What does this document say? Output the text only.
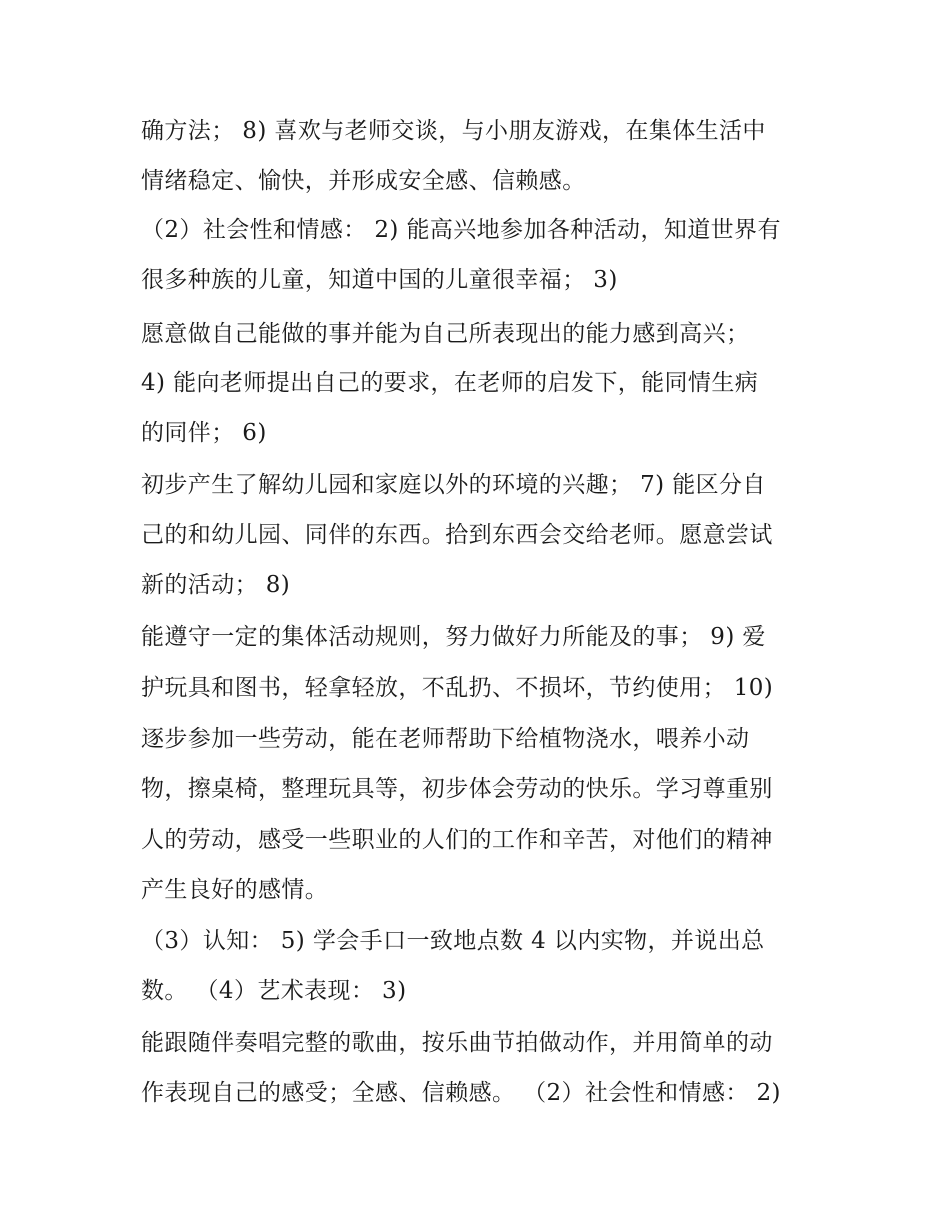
确方法； 8) 喜欢与老师交谈，与小朋友游戏，在集体生活中
情绪稳定、愉快，并形成安全感、信赖感。
（2）社会性和情感： 2) 能高兴地参加各种活动，知道世界有
很多种族的儿童，知道中国的儿童很幸福； 3)
愿意做自己能做的事并能为自己所表现出的能力感到高兴；
4) 能向老师提出自己的要求，在老师的启发下，能同情生病
的同伴； 6)
初步产生了解幼儿园和家庭以外的环境的兴趣； 7) 能区分自
己的和幼儿园、同伴的东西。拾到东西会交给老师。愿意尝试
新的活动； 8)
能遵守一定的集体活动规则，努力做好力所能及的事； 9) 爱
护玩具和图书，轻拿轻放，不乱扔、不损坏，节约使用； 10)
逐步参加一些劳动，能在老师帮助下给植物浇水，喂养小动
物，擦桌椅，整理玩具等，初步体会劳动的快乐。学习尊重别
人的劳动，感受一些职业的人们的工作和辛苦，对他们的精神
产生良好的感情。
（3）认知： 5) 学会手口一致地点数 4 以内实物，并说出总
数。 （4）艺术表现： 3)
能跟随伴奏唱完整的歌曲，按乐曲节拍做动作，并用简单的动
作表现自己的感受；全感、信赖感。 （2）社会性和情感： 2)
